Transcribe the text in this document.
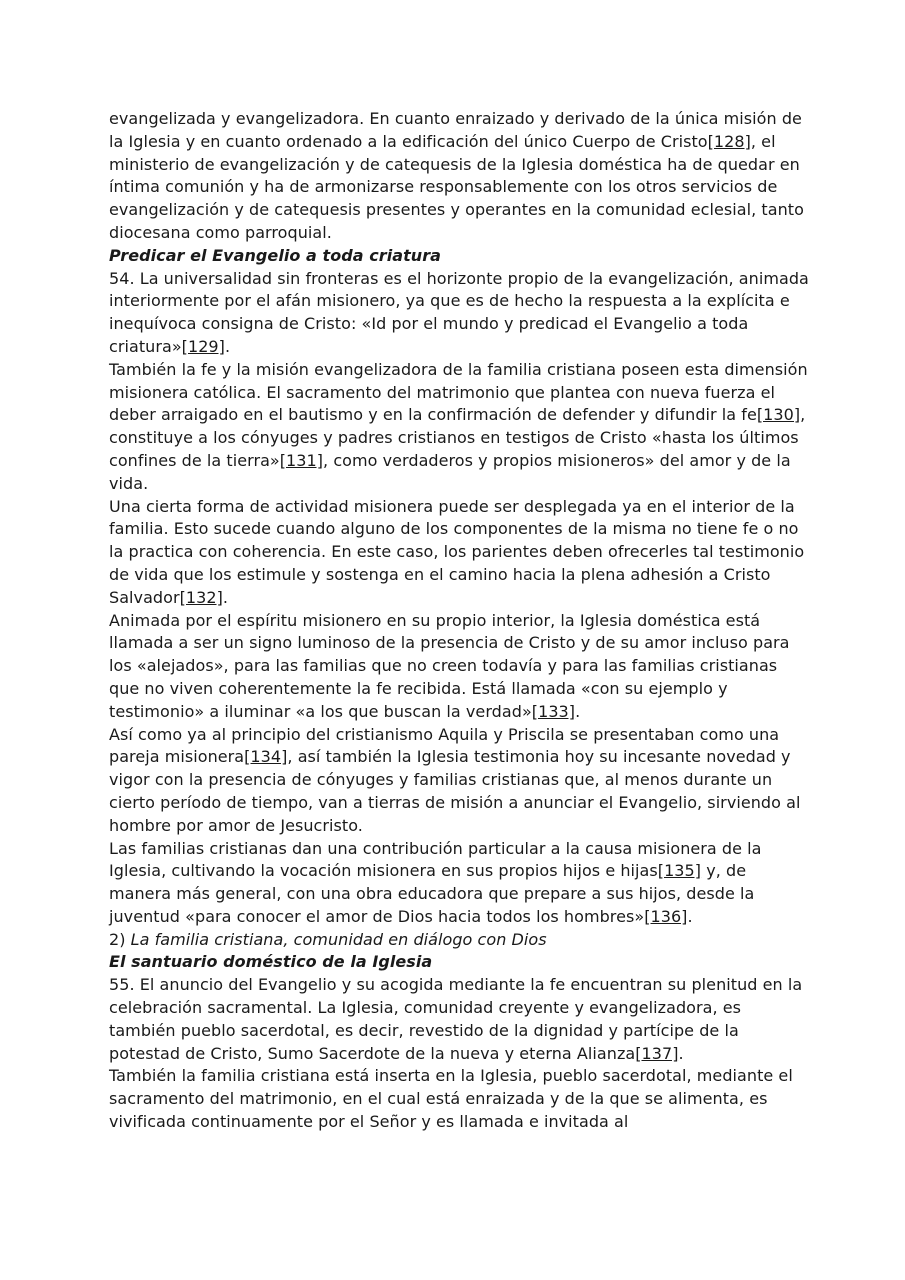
evangelizada y evangelizadora. En cuanto enraizado y derivado de la única misión de la Iglesia y en cuanto ordenado a la edificación del único Cuerpo de Cristo[128], el ministerio de evangelización y de catequesis de la Iglesia doméstica ha de quedar en íntima comunión y ha de armonizarse responsablemente con los otros servicios de evangelización y de catequesis presentes y operantes en la comunidad eclesial, tanto diocesana como parroquial.

Predicar el Evangelio a toda criatura

54. La universalidad sin fronteras es el horizonte propio de la evangelización, animada interiormente por el afán misionero, ya que es de hecho la respuesta a la explícita e inequívoca consigna de Cristo: «Id por el mundo y predicad el Evangelio a toda criatura»[129].

También la fe y la misión evangelizadora de la familia cristiana poseen esta dimensión misionera católica. El sacramento del matrimonio que plantea con nueva fuerza el deber arraigado en el bautismo y en la confirmación de defender y difundir la fe[130], constituye a los cónyuges y padres cristianos en testigos de Cristo «hasta los últimos confines de la tierra»[131], como verdaderos y propios misioneros» del amor y de la vida.

Una cierta forma de actividad misionera puede ser desplegada ya en el interior de la familia. Esto sucede cuando alguno de los componentes de la misma no tiene fe o no la practica con coherencia. En este caso, los parientes deben ofrecerles tal testimonio de vida que los estimule y sostenga en el camino hacia la plena adhesión a Cristo Salvador[132].

Animada por el espíritu misionero en su propio interior, la Iglesia doméstica está llamada a ser un signo luminoso de la presencia de Cristo y de su amor incluso para los «alejados», para las familias que no creen todavía y para las familias cristianas que no viven coherentemente la fe recibida. Está llamada «con su ejemplo y testimonio» a iluminar «a los que buscan la verdad»[133].

Así como ya al principio del cristianismo Aquila y Priscila se presentaban como una pareja misionera[134], así también la Iglesia testimonia hoy su incesante novedad y vigor con la presencia de cónyuges y familias cristianas que, al menos durante un cierto período de tiempo, van a tierras de misión a anunciar el Evangelio, sirviendo al hombre por amor de Jesucristo.

Las familias cristianas dan una contribución particular a la causa misionera de la Iglesia, cultivando la vocación misionera en sus propios hijos e hijas[135] y, de manera más general, con una obra educadora que prepare a sus hijos, desde la juventud «para conocer el amor de Dios hacia todos los hombres»[136].

2) La familia cristiana, comunidad en diálogo con Dios

El santuario doméstico de la Iglesia

55. El anuncio del Evangelio y su acogida mediante la fe encuentran su plenitud en la celebración sacramental. La Iglesia, comunidad creyente y evangelizadora, es también pueblo sacerdotal, es decir, revestido de la dignidad y partícipe de la potestad de Cristo, Sumo Sacerdote de la nueva y eterna Alianza[137].

También la familia cristiana está inserta en la Iglesia, pueblo sacerdotal, mediante el sacramento del matrimonio, en el cual está enraizada y de la que se alimenta, es vivificada continuamente por el Señor y es llamada e invitada al
